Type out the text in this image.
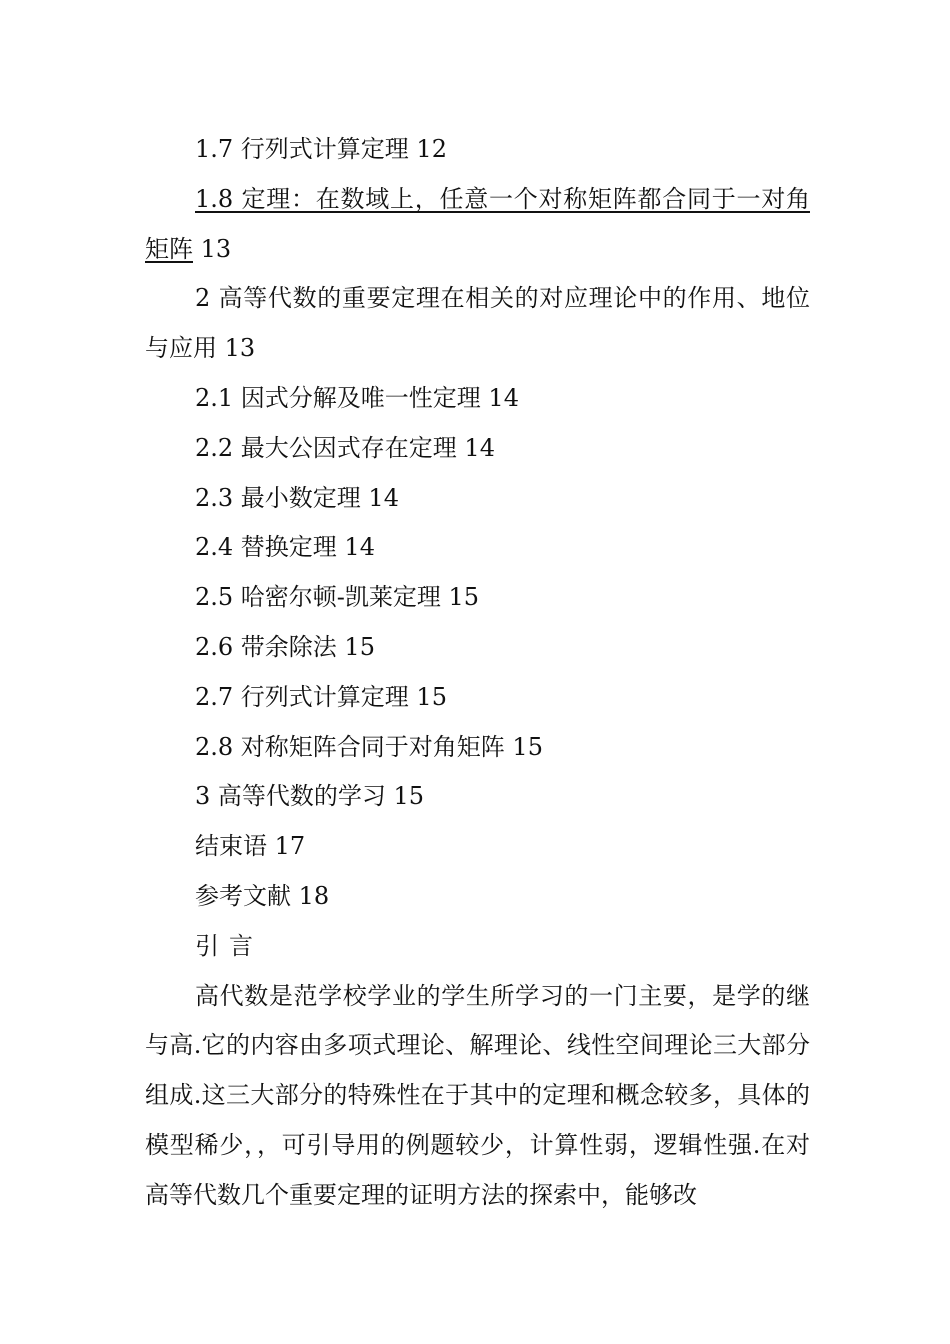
1.7 行列式计算定理 12

1.8 定理：在数域上，任意一个对称矩阵都合同于一对角矩阵 13

2 高等代数的重要定理在相关的对应理论中的作用、地位与应用 13

2.1 因式分解及唯一性定理 14

2.2 最大公因式存在定理 14

2.3 最小数定理 14

2.4 替换定理 14

2.5 哈密尔顿-凯莱定理 15

2.6 带余除法 15

2.7 行列式计算定理 15

2.8 对称矩阵合同于对角矩阵 15

3 高等代数的学习 15

结束语 17

参考文献 18

引言

高代数是范学校学业的学生所学习的一门主要，是学的继与高.它的内容由多项式理论、解理论、线性空间理论三大部分组成.这三大部分的特殊性在于其中的定理和概念较多，具体的模型稀少，，可引导用的例题较少，计算性弱，逻辑性强.在对高等代数几个重要定理的证明方法的探索中，能够改
